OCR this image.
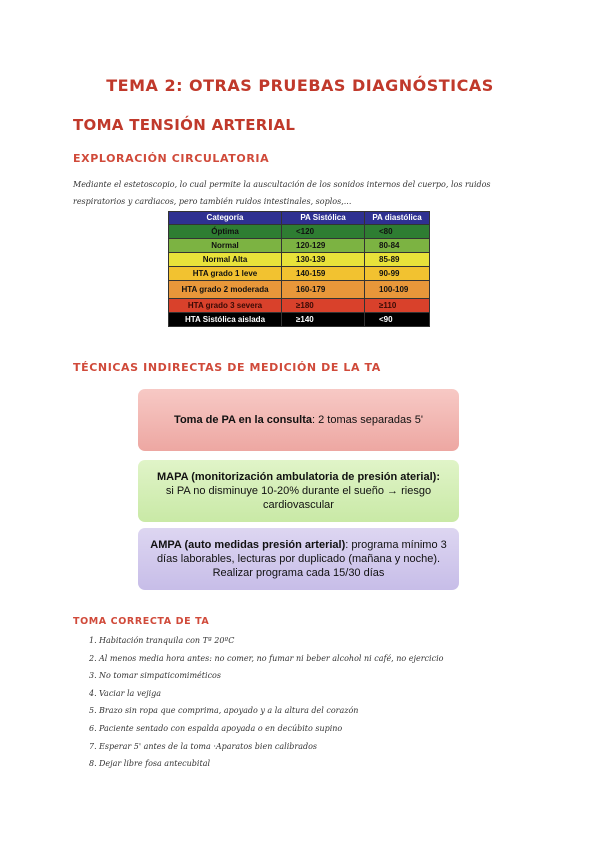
TEMA 2: OTRAS PRUEBAS DIAGNÓSTICAS
TOMA TENSIÓN ARTERIAL
EXPLORACIÓN CIRCULATORIA

Mediante el estetoscopio, lo cual permite la auscultación de los sonidos internos del cuerpo, los ruidos respiratorios y cardiacos, pero también ruidos intestinales, soplos,...

Categoría	PA Sistólica	PA diastólica
Óptima	<120	<80
Normal	120-129	80-84
Normal Alta	130-139	85-89
HTA grado 1 leve	140-159	90-99
HTA grado 2 moderada	160-179	100-109
HTA grado 3 severa	≥180	≥110
HTA Sistólica aislada	≥140	<90
TÉCNICAS INDIRECTAS DE MEDICIÓN DE LA TA
Toma de PA en la consulta: 2 tomas separadas 5'
MAPA (monitorización ambulatoria de presión aterial):
si PA no disminuye 10-20% durante el sueño → riesgo cardiovascular
AMPA (auto medidas presión arterial): programa mínimo 3 días laborables, lecturas por duplicado (mañana y noche). Realizar programa cada 15/30 días
TOMA CORRECTA DE TA
1. Habitación tranquila con Tª 20ºC
2. Al menos media hora antes: no comer, no fumar ni beber alcohol ni café, no ejercicio
3. No tomar simpaticomiméticos
4. Vaciar la vejiga
5. Brazo sin ropa que comprima, apoyado y a la altura del corazón
6. Paciente sentado con espalda apoyada o en decúbito supino
7. Esperar 5' antes de la toma ·Aparatos bien calibrados
8. Dejar libre fosa antecubital
